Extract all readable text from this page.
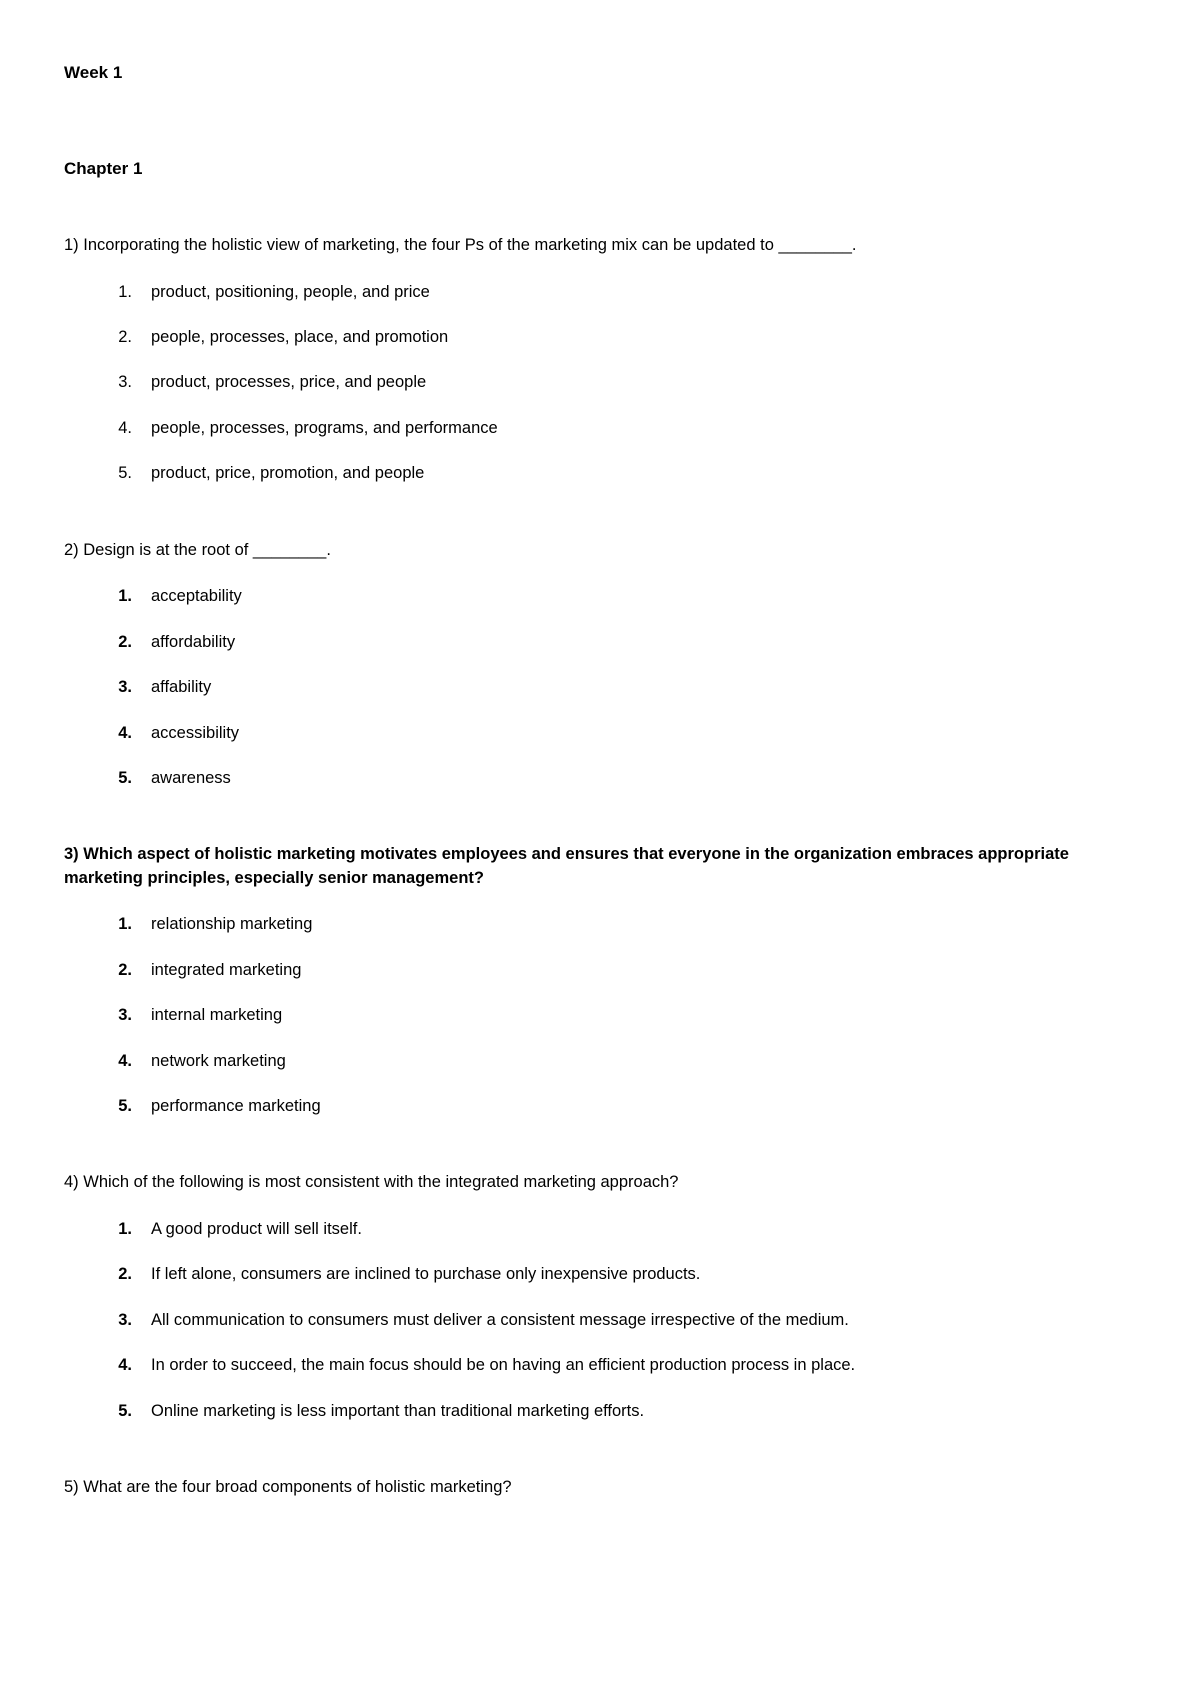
Week 1
Chapter 1

1) Incorporating the holistic view of marketing, the four Ps of the marketing mix can be updated to ________.

1.	product, positioning, people, and price
2.	people, processes, place, and promotion
3.	product, processes, price, and people
4.	people, processes, programs, and performance
5.	product, price, promotion, and people

2) Design is at the root of ________.

1.	acceptability
2.	affordability
3.	affability
4.	accessibility
5.	awareness

3) Which aspect of holistic marketing motivates employees and ensures that everyone in the organization embraces appropriate marketing principles, especially senior management?

1.	relationship marketing
2.	integrated marketing
3.	internal marketing
4.	network marketing
5.	performance marketing

4) Which of the following is most consistent with the integrated marketing approach?

1.	A good product will sell itself.
2.	If left alone, consumers are inclined to purchase only inexpensive products.
3.	All communication to consumers must deliver a consistent message irrespective of the medium.
4.	In order to succeed, the main focus should be on having an efficient production process in place.
5.	Online marketing is less important than traditional marketing efforts.

5) What are the four broad components of holistic marketing?
